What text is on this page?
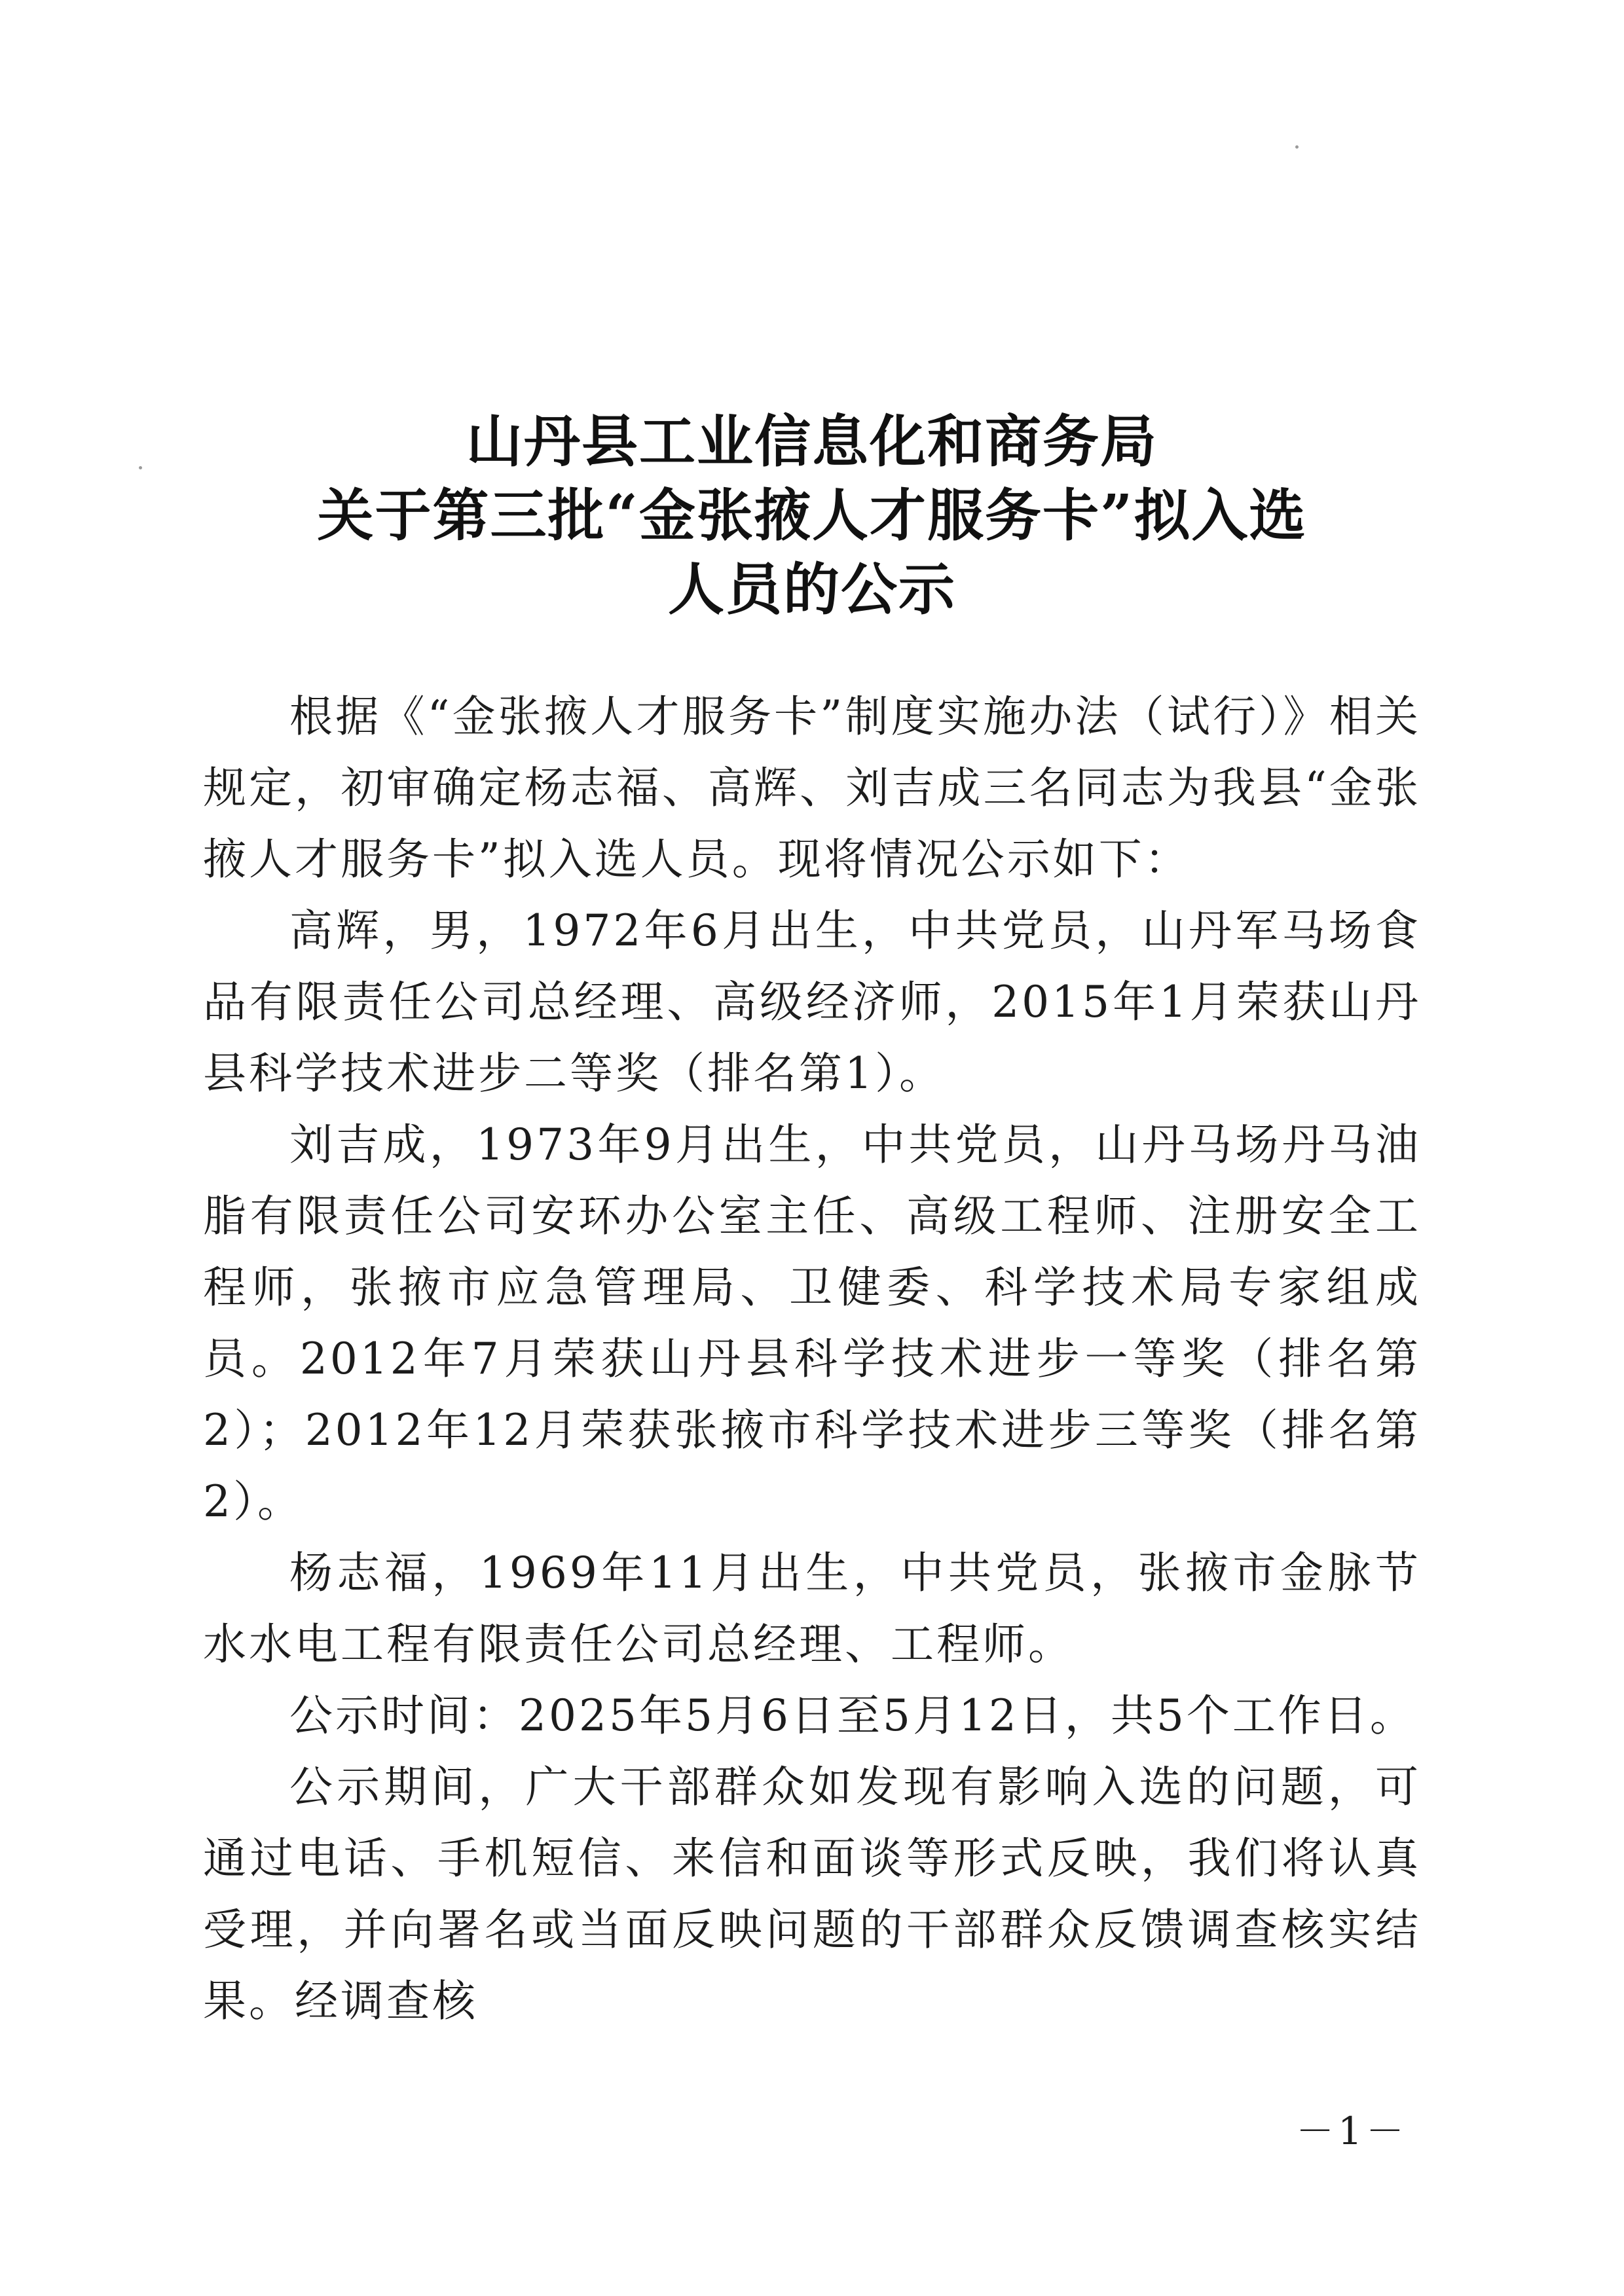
山丹县工业信息化和商务局
关于第三批“金张掖人才服务卡”拟入选
人员的公示

根据《“金张掖人才服务卡”制度实施办法（试行）》相关规定，初审确定杨志福、高辉、刘吉成三名同志为我县“金张掖人才服务卡”拟入选人员。现将情况公示如下：

高辉，男，1972年6月出生，中共党员，山丹军马场食品有限责任公司总经理、高级经济师，2015年1月荣获山丹县科学技术进步二等奖（排名第1）。

刘吉成，1973年9月出生，中共党员，山丹马场丹马油脂有限责任公司安环办公室主任、高级工程师、注册安全工程师，张掖市应急管理局、卫健委、科学技术局专家组成员。2012年7月荣获山丹县科学技术进步一等奖（排名第2）；2012年12月荣获张掖市科学技术进步三等奖（排名第2）。

杨志福，1969年11月出生，中共党员，张掖市金脉节水水电工程有限责任公司总经理、工程师。

公示时间：2025年5月6日至5月12日，共5个工作日。

公示期间，广大干部群众如发现有影响入选的问题，可通过电话、手机短信、来信和面谈等形式反映，我们将认真受理，并向署名或当面反映问题的干部群众反馈调查核实结果。经调查核

－1－
